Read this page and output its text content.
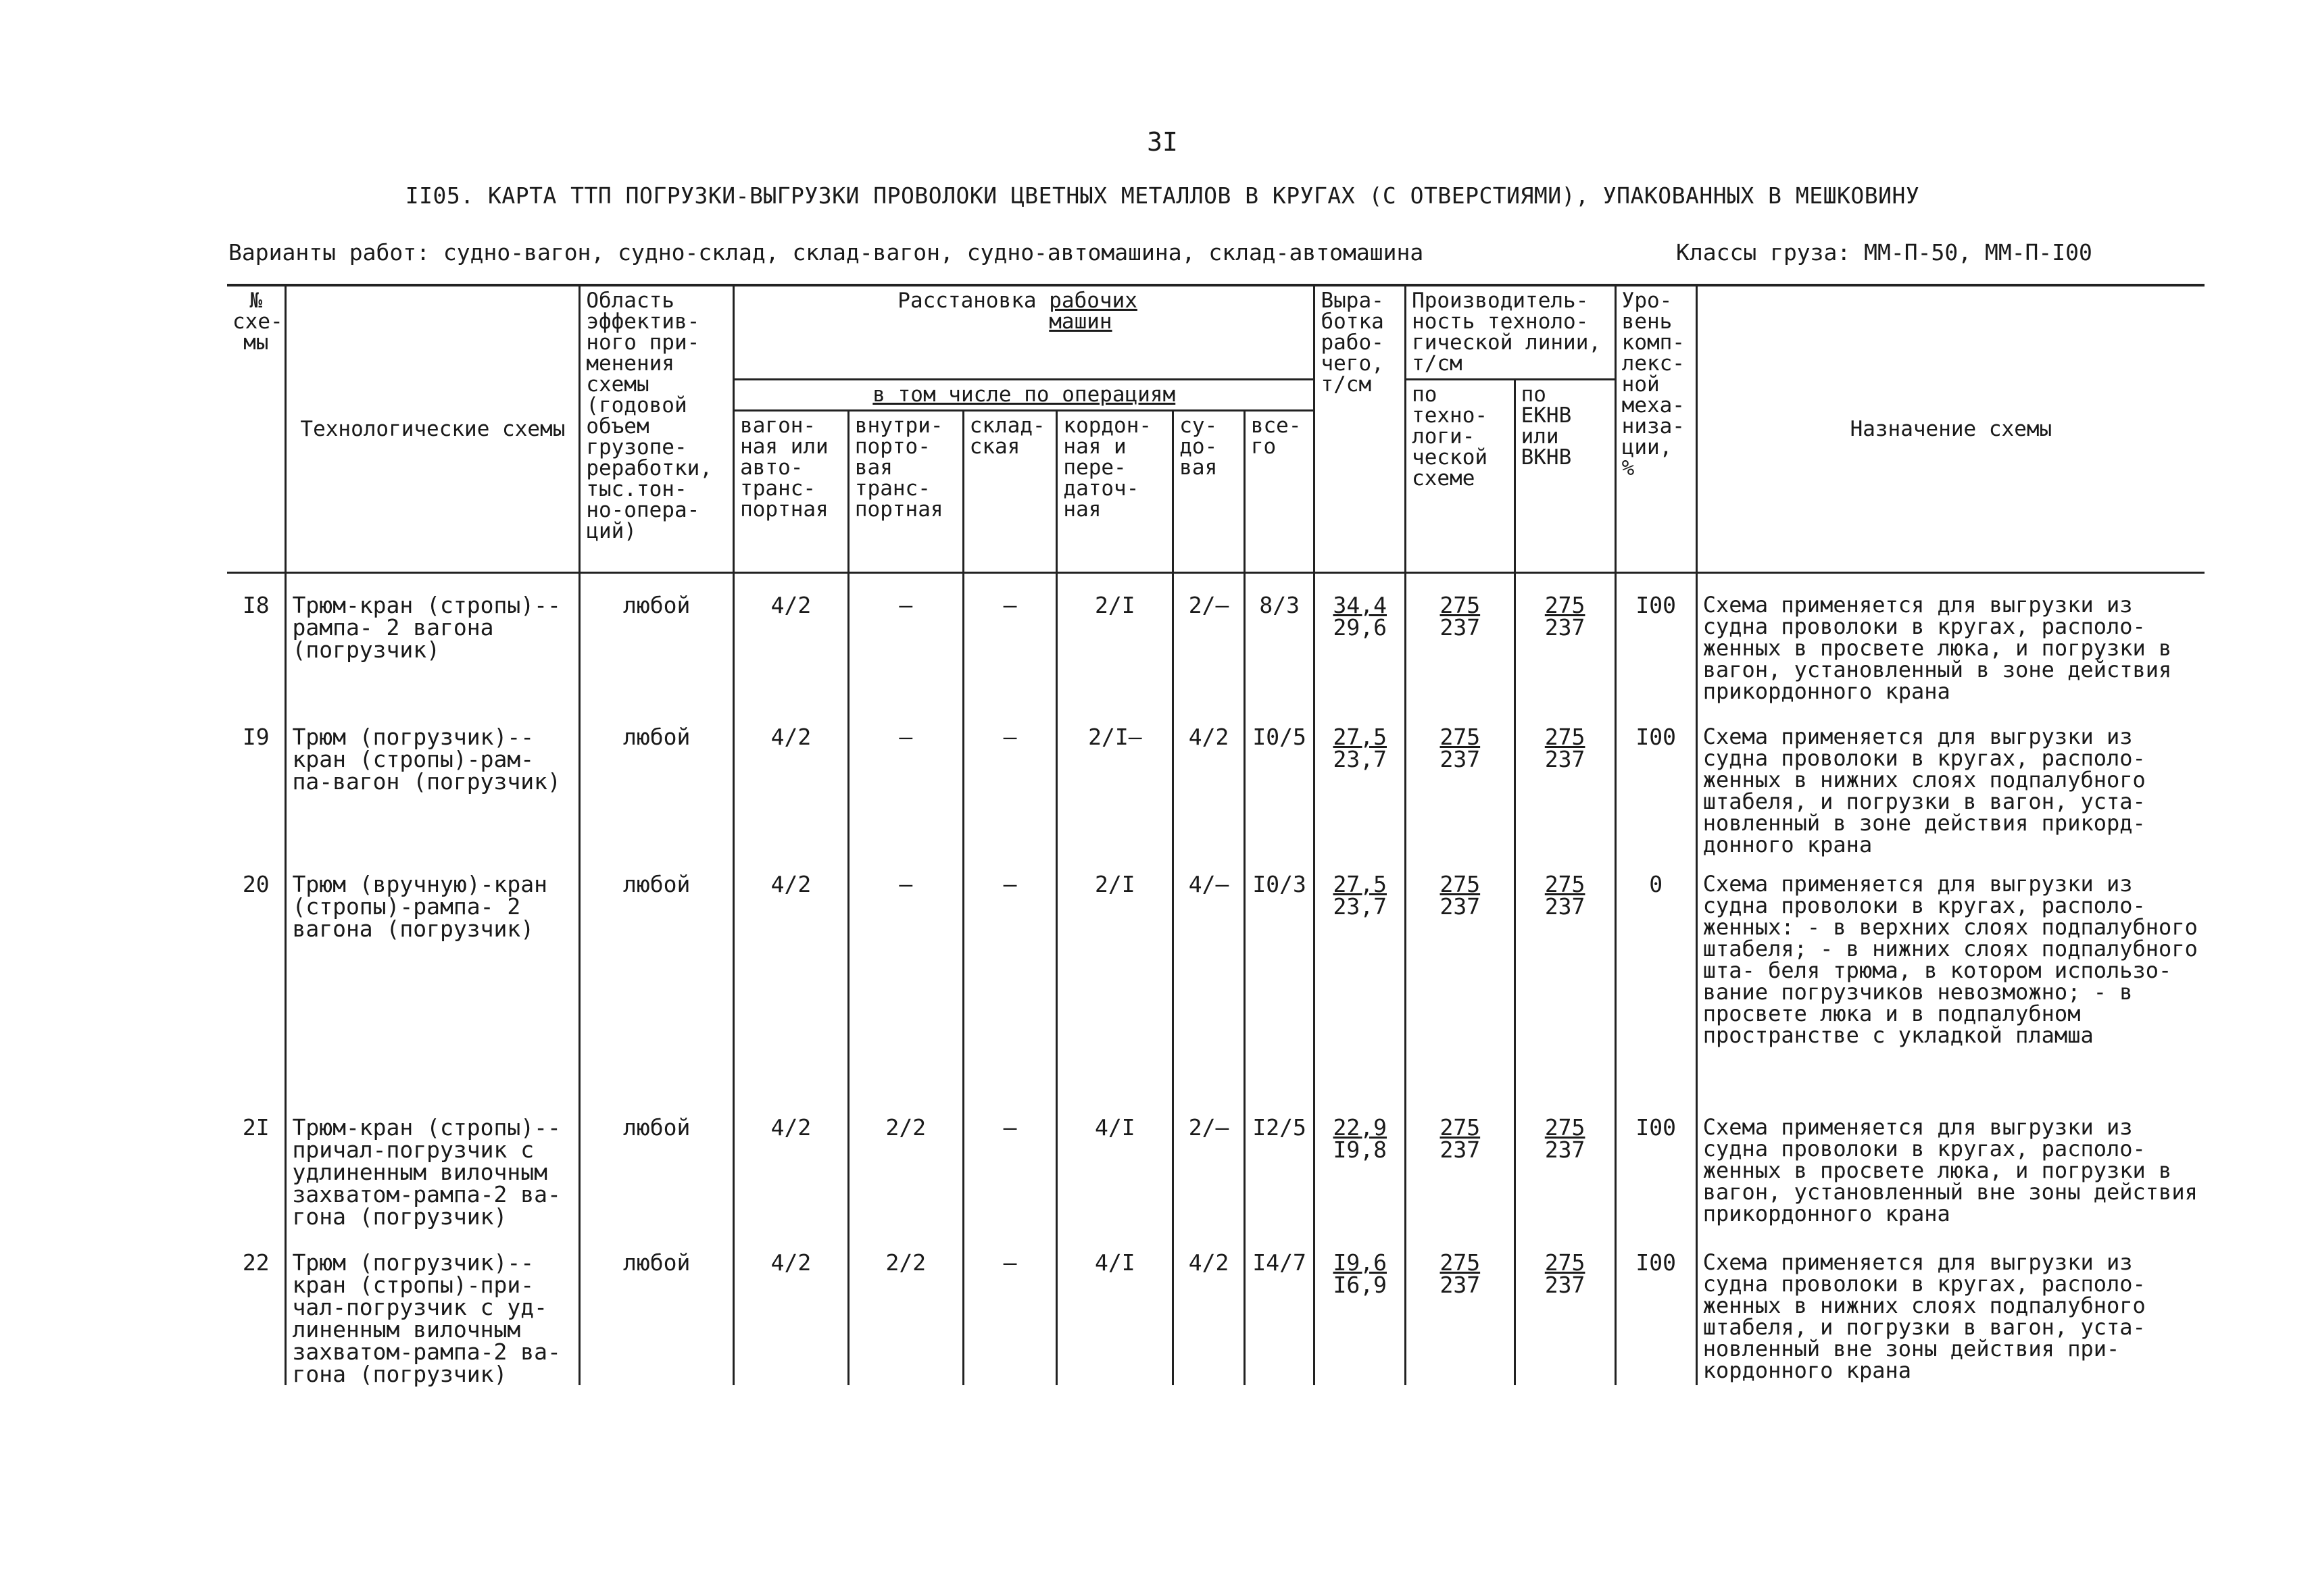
3I
II05. КАРТА ТТП ПОГРУЗКИ-ВЫГРУЗКИ ПРОВОЛОКИ ЦВЕТНЫХ МЕТАЛЛОВ В КРУГАХ (С ОТВЕРСТИЯМИ), УПАКОВАННЫХ В МЕШКОВИНУ
Варианты работ: судно-вагон, судно-склад, склад-вагон, судно-автомашина, склад-автомашина	Классы груза: ММ-П-50, ММ-П-I00
№ схе- мы	Технологические схемы	Область эффектив- ного при- менения схемы (годовой объем грузопе- реработки, тыс.тон- но-опера- ций)	Расстановка рабочих машин						Выра- ботка рабо- чего, т/см	Производитель- ность техноло- гической линии, т/см		Уро- вень комп- лекс- ной меха- низа- ции, %	Назначение схемы
			в том числе по операциям							по техно- логи- ческой схеме	по ЕКНВ или ВКНВ		
			вагон- ная или авто- транс- портная	внутри- порто- вая транс- портная	склад- ская	кордон- ная и пере- даточ- ная	су- до- вая	все- го					
I8	Трюм-кран (стропы)--рампа- 2 вагона (погрузчик)	любой	4/2	–	–	2/I	2/–	8/3	$\frac{34,4}{29,6}$	$\frac{275}{237}$	$\frac{275}{237}$	I00	Схема применяется для выгрузки из судна проволоки в кругах, располо- женных в просвете люка, и погрузки в вагон, установленный в зоне действия прикордонного крана
I9	Трюм (погрузчик)--кран (стропы)-рам- па-вагон (погрузчик)	любой	4/2	–	–	2/I–	4/2	I0/5	$\frac{27,5}{23,7}$	$\frac{275}{237}$	$\frac{275}{237}$	I00	Схема применяется для выгрузки из судна проволоки в кругах, располо- женных в нижних слоях подпалубного штабеля, и погрузки в вагон, уста- новленный в зоне действия прикорд- донного крана
20	Трюм (вручную)-кран (стропы)-рампа- 2 вагона (погрузчик)	любой	4/2	–	–	2/I	4/–	I0/3	$\frac{27,5}{23,7}$	$\frac{275}{237}$	$\frac{275}{237}$	0	Схема применяется для выгрузки из судна проволоки в кругах, располо- женных: - в верхних слоях подпалубного штабеля; - в нижних слоях подпалубного шта- беля трюма, в котором использо- вание погрузчиков невозможно; - в просвете люка и в подпалубном пространстве с укладкой пламша
2I	Трюм-кран (стропы)--причал-погрузчик с удлиненным вилочным захватом-рампа-2 ва- гона (погрузчик)	любой	4/2	2/2	–	4/I	2/–	I2/5	$\frac{22,9}{I9,8}$	$\frac{275}{237}$	$\frac{275}{237}$	I00	Схема применяется для выгрузки из судна проволоки в кругах, располо- женных в просвете люка, и погрузки в вагон, установленный вне зоны действия прикордонного крана
22	Трюм (погрузчик)--кран (стропы)-при- чал-погрузчик с уд- линенным вилочным захватом-рампа-2 ва- гона (погрузчик)	любой	4/2	2/2	–	4/I	4/2	I4/7	$\frac{I9,6}{I6,9}$	$\frac{275}{237}$	$\frac{275}{237}$	I00	Схема применяется для выгрузки из судна проволоки в кругах, располо- женных в нижних слоях подпалубного штабеля, и погрузки в вагон, уста- новленный вне зоны действия при- кордонного крана
